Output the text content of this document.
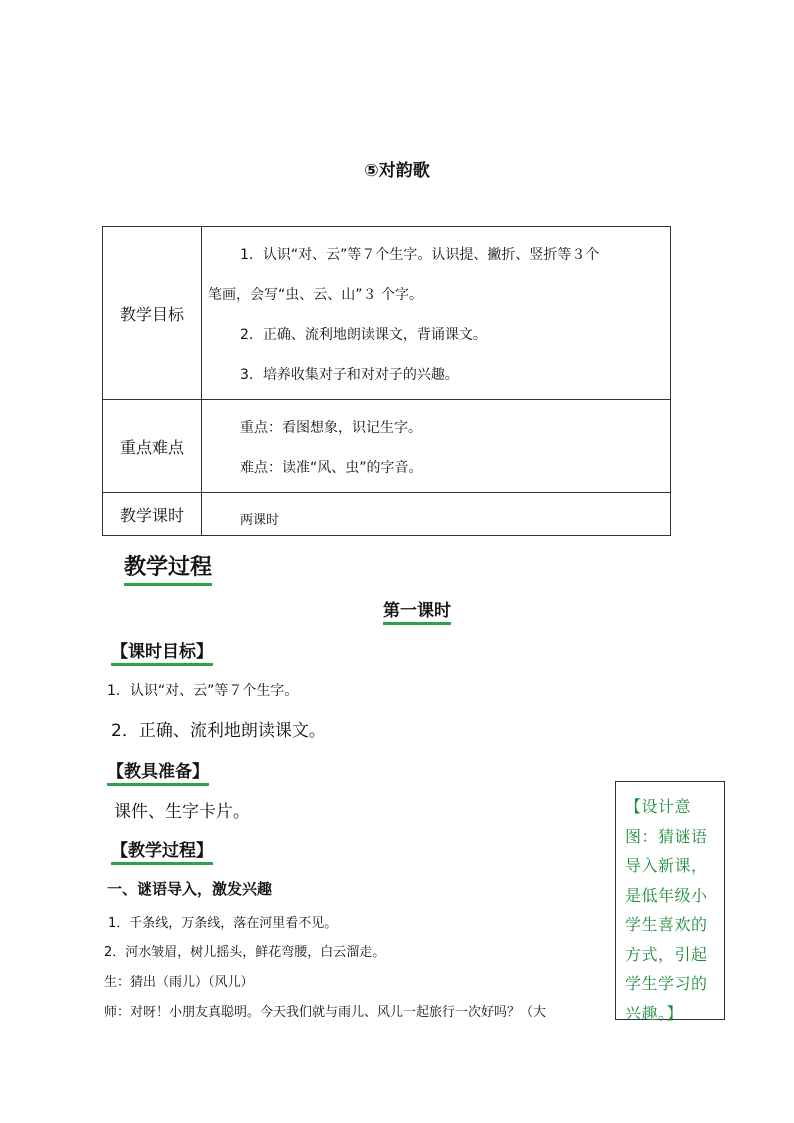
⑤对韵歌
教学目标	1．认识“对、云”等７个生字。认识提、撇折、竖折等３个
笔画，会写“虫、云、山”３ 个字。
2．正确、流利地朗读课文，背诵课文。
3．培养收集对子和对对子的兴趣。

重点难点	重点：看图想象，识记生字。
难点：读准“风、虫”的字音。

教学课时	两课时
教学过程
第一课时
【课时目标】
1．认识“对、云”等７个生字。
2．正确、流利地朗读课文。
【教具准备】
课件、生字卡片。
【教学过程】
一、谜语导入，激发兴趣
1．千条线，万条线，落在河里看不见。
2．河水皱眉，树儿摇头，鲜花弯腰，白云溜走。
生：猜出（雨儿）（风儿）
师：对呀！小朋友真聪明。今天我们就与雨儿、风儿一起旅行一次好吗？（大
【设计意图：猜谜语导入新课，是低年级小学生喜欢的方式，引起学生学习的兴趣。】
